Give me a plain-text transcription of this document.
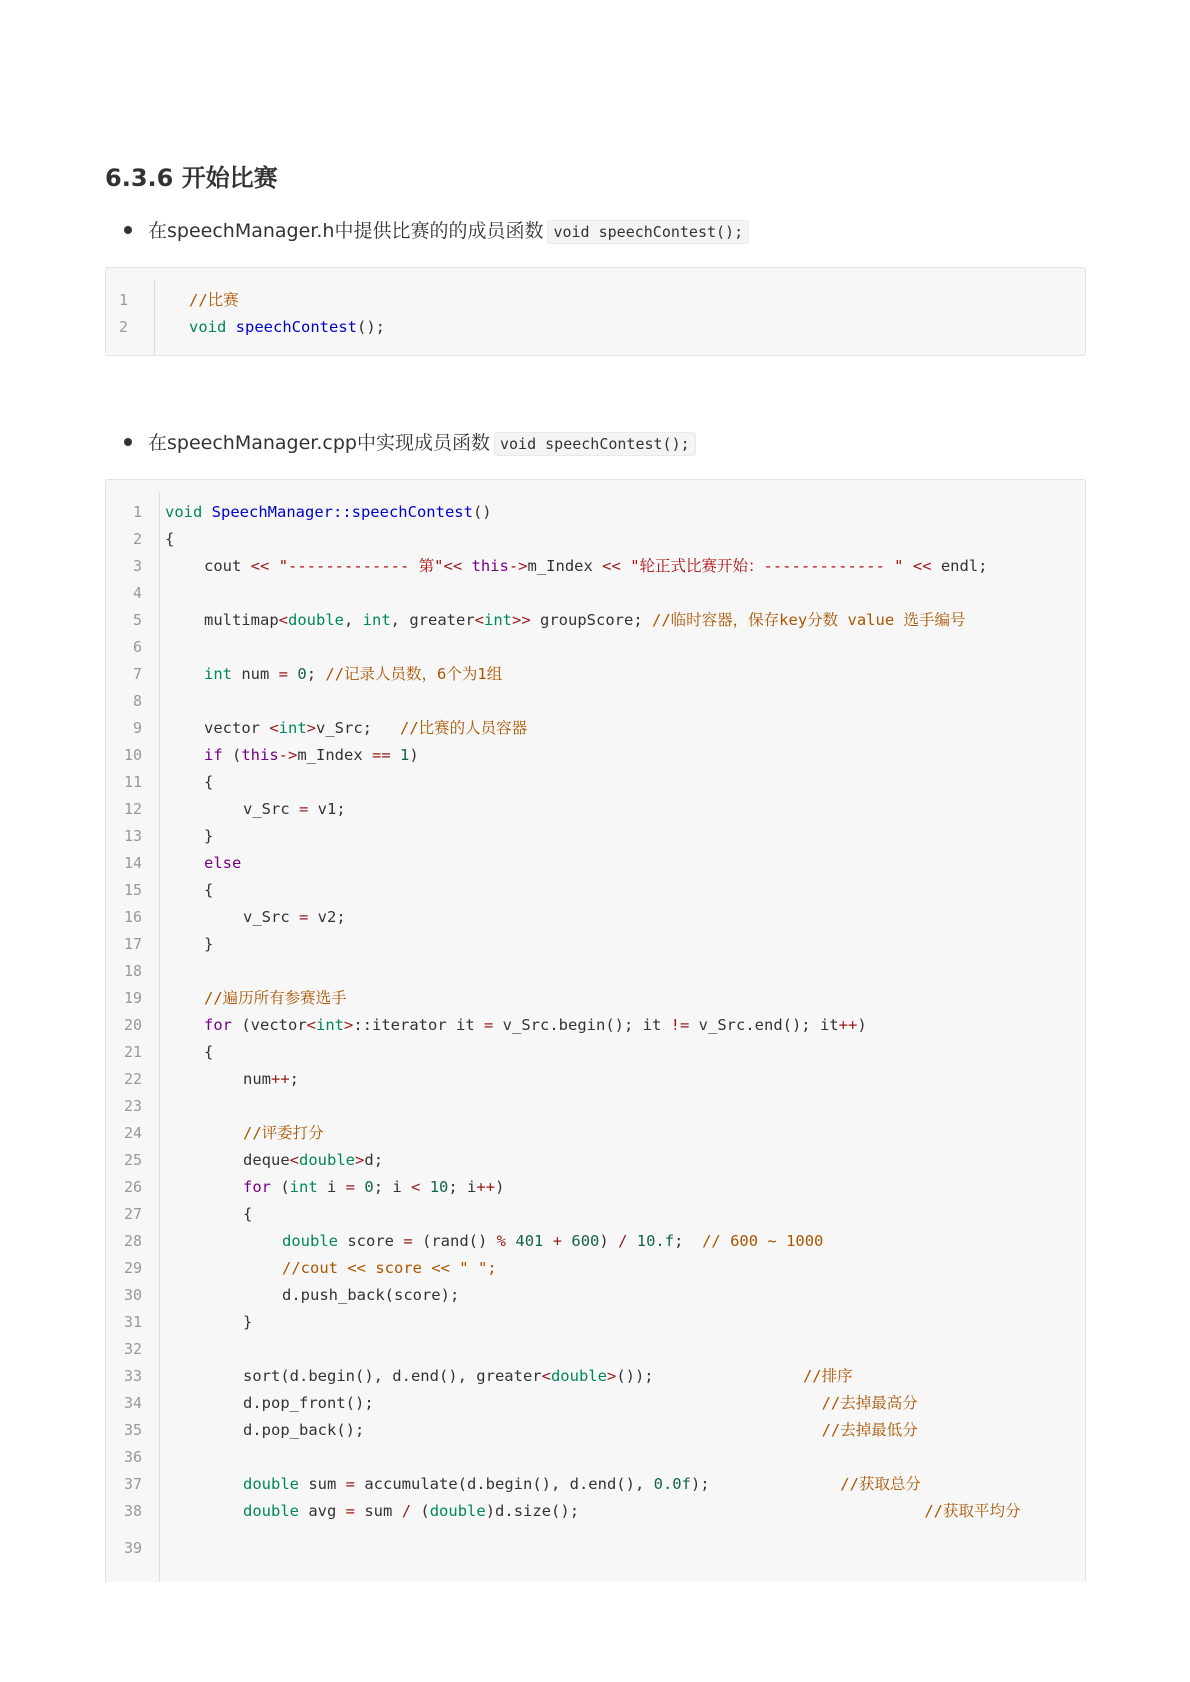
6.3.6 开始比赛
在speechManager.h中提供比赛的的成员函数 void speechContest();
1	//比赛
2	void speechContest();
在speechManager.cpp中实现成员函数 void speechContest();
1 void SpeechManager::speechContest()
2 {
3	cout << "------------- 第"<< this->m_Index << "轮正式比赛开始：------------- " << endl;
4
5	multimap<double, int, greater<int>> groupScore; //临时容器，保存key分数 value 选手编号
6
7	int num = 0; //记录人员数，6个为1组
8
9	vector <int>v_Src;   //比赛的人员容器
10	if (this->m_Index == 1)
11	{
12	v_Src = v1;
13	}
14	else
15	{
16	v_Src = v2;
17	}
18
19	//遍历所有参赛选手
20	for (vector<int>::iterator it = v_Src.begin(); it != v_Src.end(); it++)
21	{
22	num++;
23
24	//评委打分
25	deque<double>d;
26	for (int i = 0; i < 10; i++)
27	{
28	double score = (rand() % 401 + 600) / 10.f;  // 600 ~ 1000
29	//cout << score << " ";
30	d.push_back(score);
31	}
32
33	sort(d.begin(), d.end(), greater<double>());                //排序
34	d.pop_front();                                                //去掉最高分
35	d.pop_back();                                                 //去掉最低分
36
37	double sum = accumulate(d.begin(), d.end(), 0.0f);              //获取总分
38	double avg = sum / (double)d.size();                                     //获取平均分
39
